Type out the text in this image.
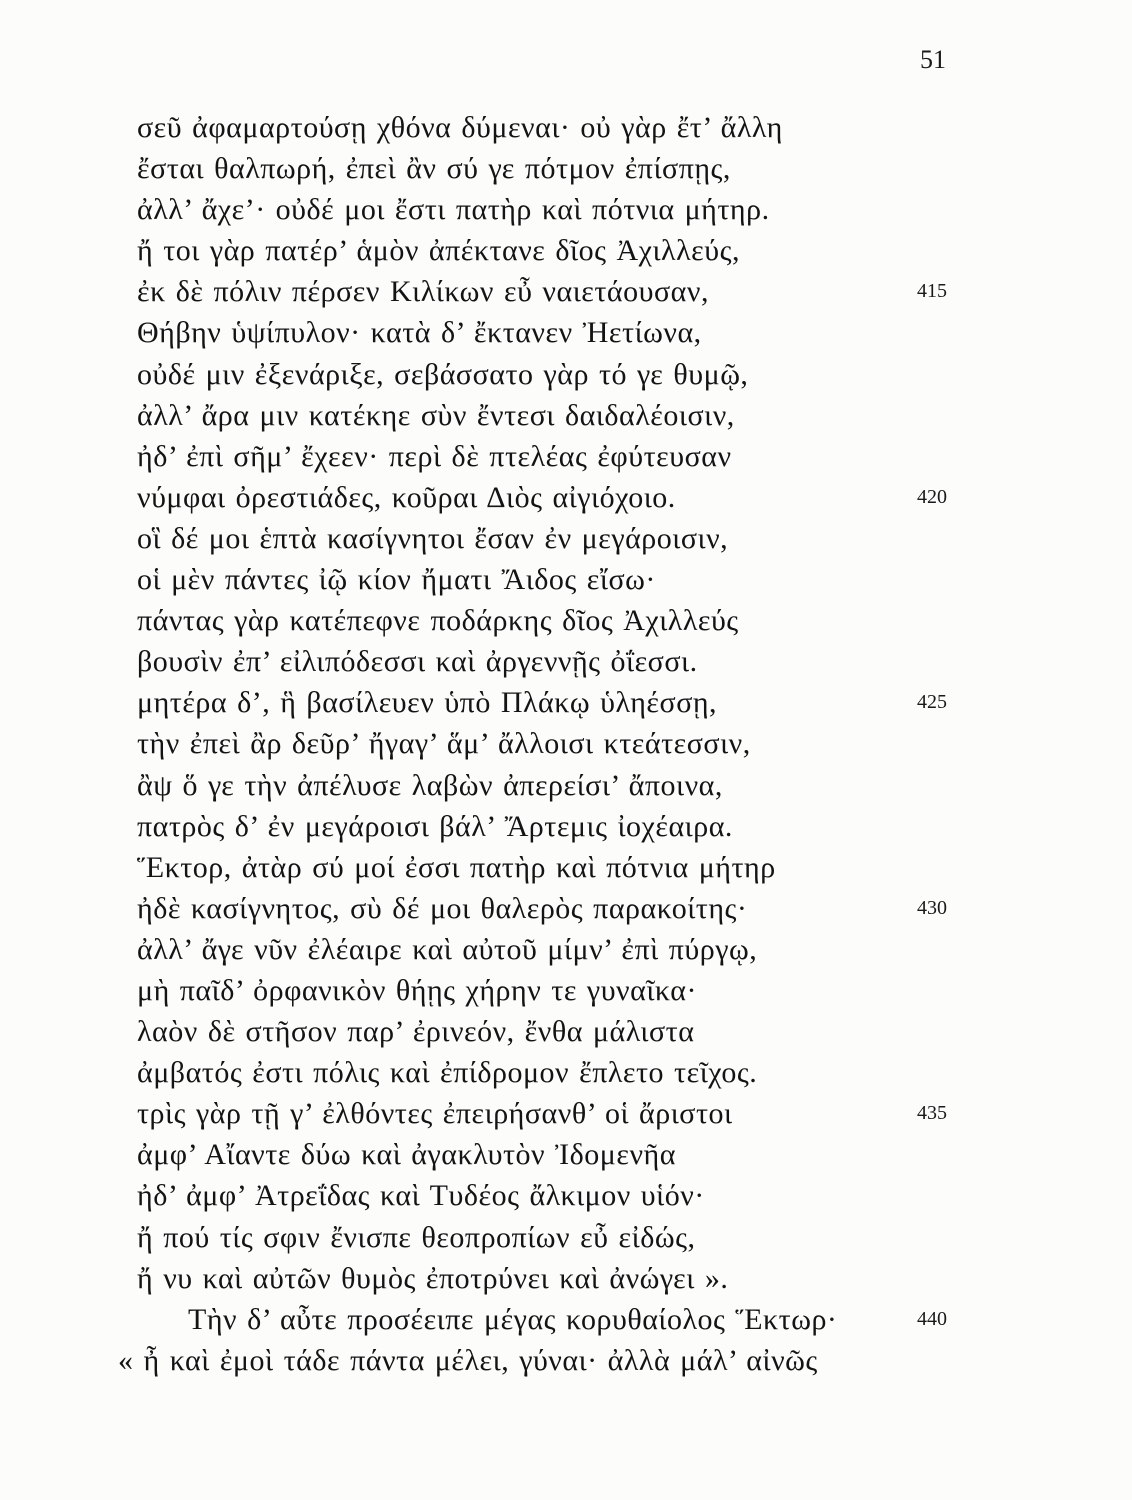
51
σεῦ ἀφαμαρτούσῃ χθόνα δύμεναι· οὐ γὰρ ἔτ’ ἄλλη
ἔσται θαλπωρή, ἐπεὶ ἂν σύ γε πότμον ἐπίσπῃς,
ἀλλ’ ἄχε’· οὐδέ μοι ἔστι πατὴρ καὶ πότνια μήτηρ.
ἤ τοι γὰρ πατέρ’ ἁμὸν ἀπέκτανε δῖος Ἀχιλλεύς,
ἐκ δὲ πόλιν πέρσεν Κιλίκων εὖ ναιετάουσαν,	415
Θήβην ὑψίπυλον· κατὰ δ’ ἔκτανεν Ἠετίωνα,
οὐδέ μιν ἐξενάριξε, σεβάσσατο γὰρ τό γε θυμῷ,
ἀλλ’ ἄρα μιν κατέκηε σὺν ἔντεσι δαιδαλέοισιν,
ἠδ’ ἐπὶ σῆμ’ ἔχεεν· περὶ δὲ πτελέας ἐφύτευσαν
νύμφαι ὀρεστιάδες, κοῦραι Διὸς αἰγιόχοιο.	420
οἳ δέ μοι ἑπτὰ κασίγνητοι ἔσαν ἐν μεγάροισιν,
οἱ μὲν πάντες ἰῷ κίον ἤματι Ἄιδος εἴσω·
πάντας γὰρ κατέπεφνε ποδάρκης δῖος Ἀχιλλεύς
βουσὶν ἐπ’ εἰλιπόδεσσι καὶ ἀργεννῇς ὀΐεσσι.
μητέρα δ’, ἣ βασίλευεν ὑπὸ Πλάκῳ ὑληέσσῃ,	425
τὴν ἐπεὶ ἂρ δεῦρ’ ἤγαγ’ ἅμ’ ἄλλοισι κτεάτεσσιν,
ἂψ ὅ γε τὴν ἀπέλυσε λαβὼν ἀπερείσι’ ἄποινα,
πατρὸς δ’ ἐν μεγάροισι βάλ’ Ἄρτεμις ἰοχέαιρα.
Ἕκτορ, ἀτὰρ σύ μοί ἐσσι πατὴρ καὶ πότνια μήτηρ
ἠδὲ κασίγνητος, σὺ δέ μοι θαλερὸς παρακοίτης·	430
ἀλλ’ ἄγε νῦν ἐλέαιρε καὶ αὐτοῦ μίμν’ ἐπὶ πύργῳ,
μὴ παῖδ’ ὀρφανικὸν θήῃς χήρην τε γυναῖκα·
λαὸν δὲ στῆσον παρ’ ἐρινεόν, ἔνθα μάλιστα
ἀμβατός ἐστι πόλις καὶ ἐπίδρομον ἔπλετο τεῖχος.
τρὶς γὰρ τῇ γ’ ἐλθόντες ἐπειρήσανθ’ οἱ ἄριστοι	435
ἀμφ’ Αἴαντε δύω καὶ ἀγακλυτὸν Ἰδομενῆα
ἠδ’ ἀμφ’ Ἀτρεΐδας καὶ Τυδέος ἄλκιμον υἱόν·
ἤ πού τίς σφιν ἔνισπε θεοπροπίων εὖ εἰδώς,
ἤ νυ καὶ αὐτῶν θυμὸς ἐποτρύνει καὶ ἀνώγει ».
Τὴν δ’ αὖτε προσέειπε μέγας κορυθαίολος Ἕκτωρ·	440
« ἦ καὶ ἐμοὶ τάδε πάντα μέλει, γύναι· ἀλλὰ μάλ’ αἰνῶς
